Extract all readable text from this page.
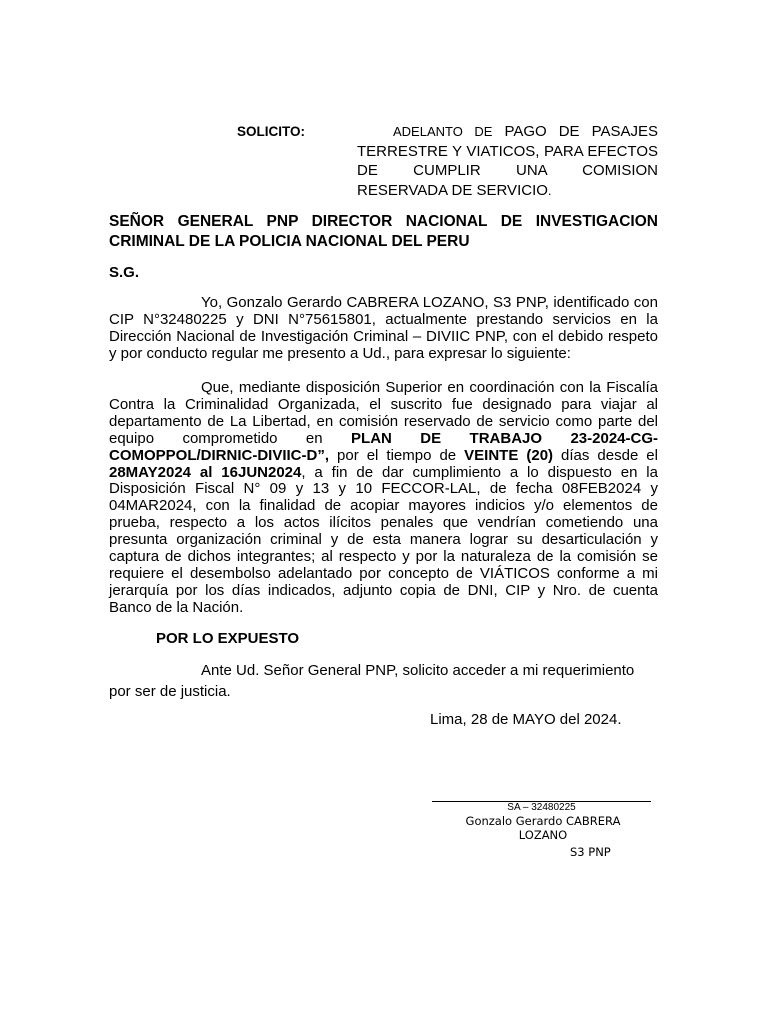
SOLICITO:	ADELANTO DE PAGO DE PASAJES TERRESTRE Y VIATICOS, PARA EFECTOS DE CUMPLIR UNA COMISION RESERVADA DE SERVICIO.
SEÑOR GENERAL PNP DIRECTOR NACIONAL DE INVESTIGACION CRIMINAL DE LA POLICIA NACIONAL DEL PERU
S.G.
Yo, Gonzalo Gerardo CABRERA LOZANO, S3 PNP, identificado con CIP N°32480225 y DNI N°75615801, actualmente prestando servicios en la Dirección Nacional de Investigación Criminal – DIVIIC PNP, con el debido respeto y por conducto regular me presento a Ud., para expresar lo siguiente:
Que, mediante disposición Superior en coordinación con la Fiscalía Contra la Criminalidad Organizada, el suscrito fue designado para viajar al departamento de La Libertad, en comisión reservado de servicio como parte del equipo comprometido en PLAN DE TRABAJO 23-2024-CG-COMOPPOL/DIRNIC-DIVIIC-D”, por el tiempo de VEINTE (20) días desde el 28MAY2024 al 16JUN2024, a fin de dar cumplimiento a lo dispuesto en la Disposición Fiscal N° 09 y 13 y 10 FECCOR-LAL, de fecha 08FEB2024 y 04MAR2024, con la finalidad de acopiar mayores indicios y/o elementos de prueba, respecto a los actos ilícitos penales que vendrían cometiendo una presunta organización criminal y de esta manera lograr su desarticulación y captura de dichos integrantes; al respecto y por la naturaleza de la comisión se requiere el desembolso adelantado por concepto de VIÁTICOS conforme a mi jerarquía por los días indicados, adjunto copia de DNI, CIP y Nro. de cuenta Banco de la Nación.
POR LO EXPUESTO
Ante Ud. Señor General PNP, solicito acceder a mi requerimiento por ser de justicia.
Lima, 28 de MAYO del 2024.
SA – 32480225
Gonzalo Gerardo CABRERA LOZANO
S3 PNP
